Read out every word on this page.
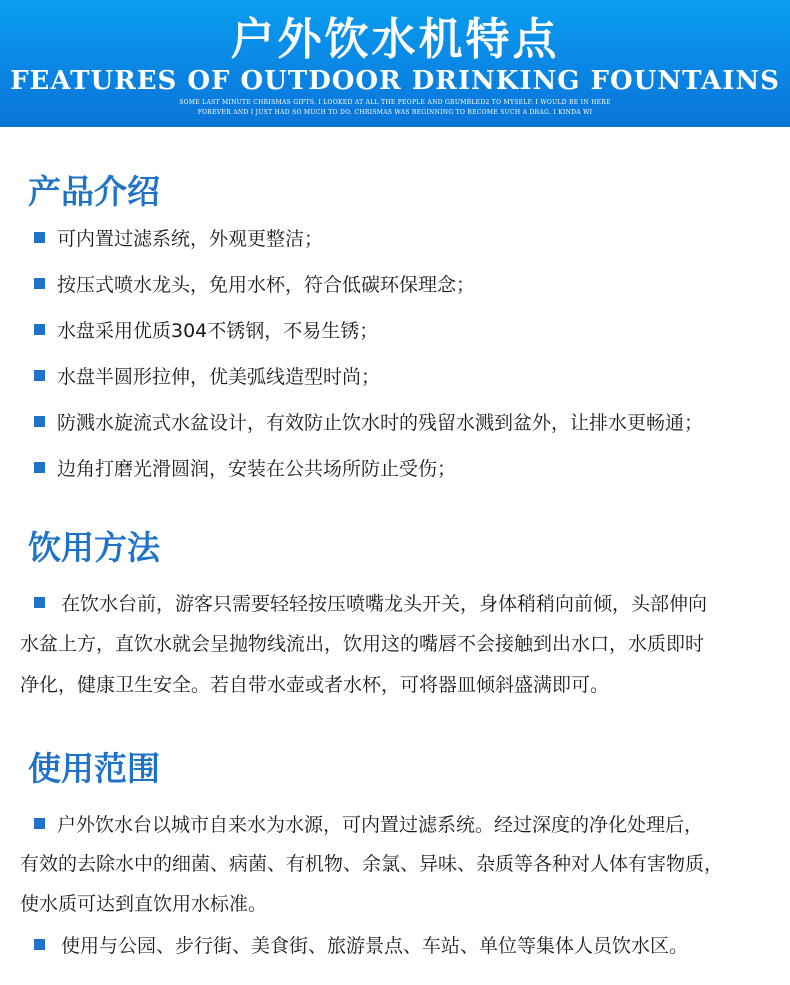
户外饮水机特点
FEATURES OF OUTDOOR DRINKING FOUNTAINS
SOME LAST MINUTE CHRISMAS GIFTS. I LOOKED AT ALL THE PEOPLE AND GRUMBLED2 TO MYSELF. I WOULD BE IN HERE
FOREVER AND I JUST HAD SO MUCH TO DO. CHRISMAS WAS BEGINNING TO BECOME SUCH A DRAG. I KINDA WI
产品介绍
可内置过滤系统，外观更整洁；
按压式喷水龙头，免用水杯，符合低碳环保理念；
水盘采用优质304不锈钢，不易生锈；
水盘半圆形拉伸，优美弧线造型时尚；
防溅水旋流式水盆设计，有效防止饮水时的残留水溅到盆外，让排水更畅通；
边角打磨光滑圆润，安装在公共场所防止受伤；
饮用方法
在饮水台前，游客只需要轻轻按压喷嘴龙头开关，身体稍稍向前倾，头部伸向
水盆上方，直饮水就会呈抛物线流出，饮用这的嘴唇不会接触到出水口，水质即时
净化，健康卫生安全。若自带水壶或者水杯，可将器皿倾斜盛满即可。
使用范围
户外饮水台以城市自来水为水源，可内置过滤系统。经过深度的净化处理后，
有效的去除水中的细菌、病菌、有机物、余氯、异味、杂质等各种对人体有害物质，
使水质可达到直饮用水标准。
使用与公园、步行街、美食街、旅游景点、车站、单位等集体人员饮水区。
